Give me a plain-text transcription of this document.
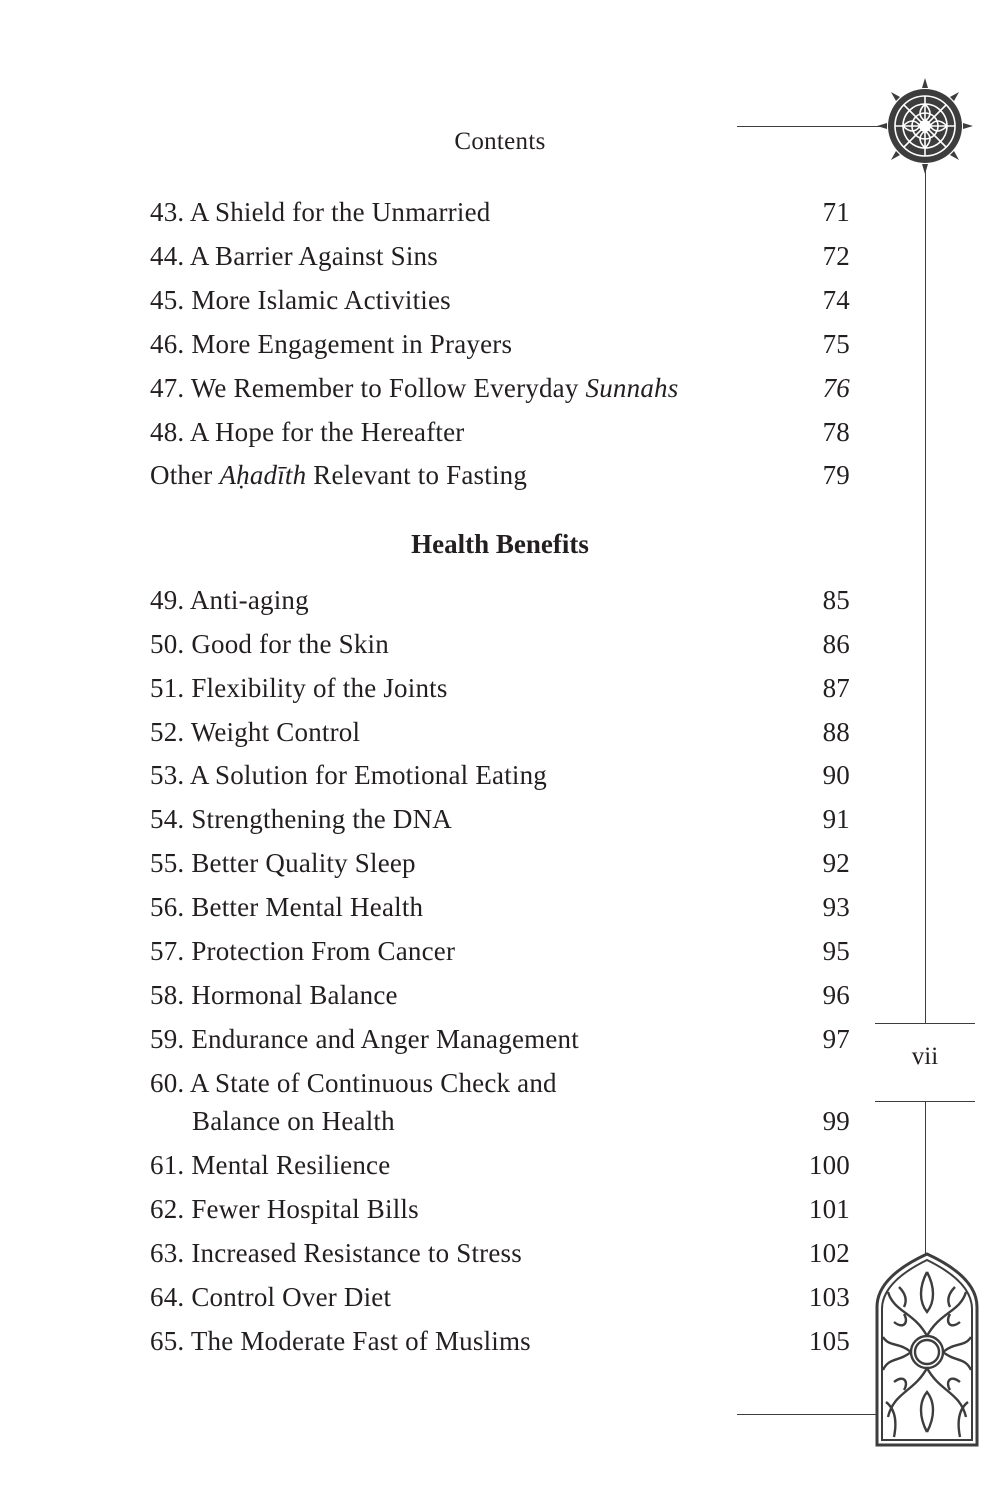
Contents
vii
43. A Shield for the Unmarried	71
44. A Barrier Against Sins	72
45. More Islamic Activities	74
46. More Engagement in Prayers	75
47. We Remember to Follow Everyday Sunnahs	76
48. A Hope for the Hereafter	78
Other Aḥadīth Relevant to Fasting	79
Health Benefits
49. Anti-aging	85
50. Good for the Skin	86
51. Flexibility of the Joints	87
52. Weight Control	88
53. A Solution for Emotional Eating	90
54. Strengthening the DNA	91
55. Better Quality Sleep	92
56. Better Mental Health	93
57. Protection From Cancer	95
58. Hormonal Balance	96
59. Endurance and Anger Management	97
60. A State of Continuous Check and
Balance on Health	99
61. Mental Resilience	100
62. Fewer Hospital Bills	101
63. Increased Resistance to Stress	102
64. Control Over Diet	103
65. The Moderate Fast of Muslims	105
